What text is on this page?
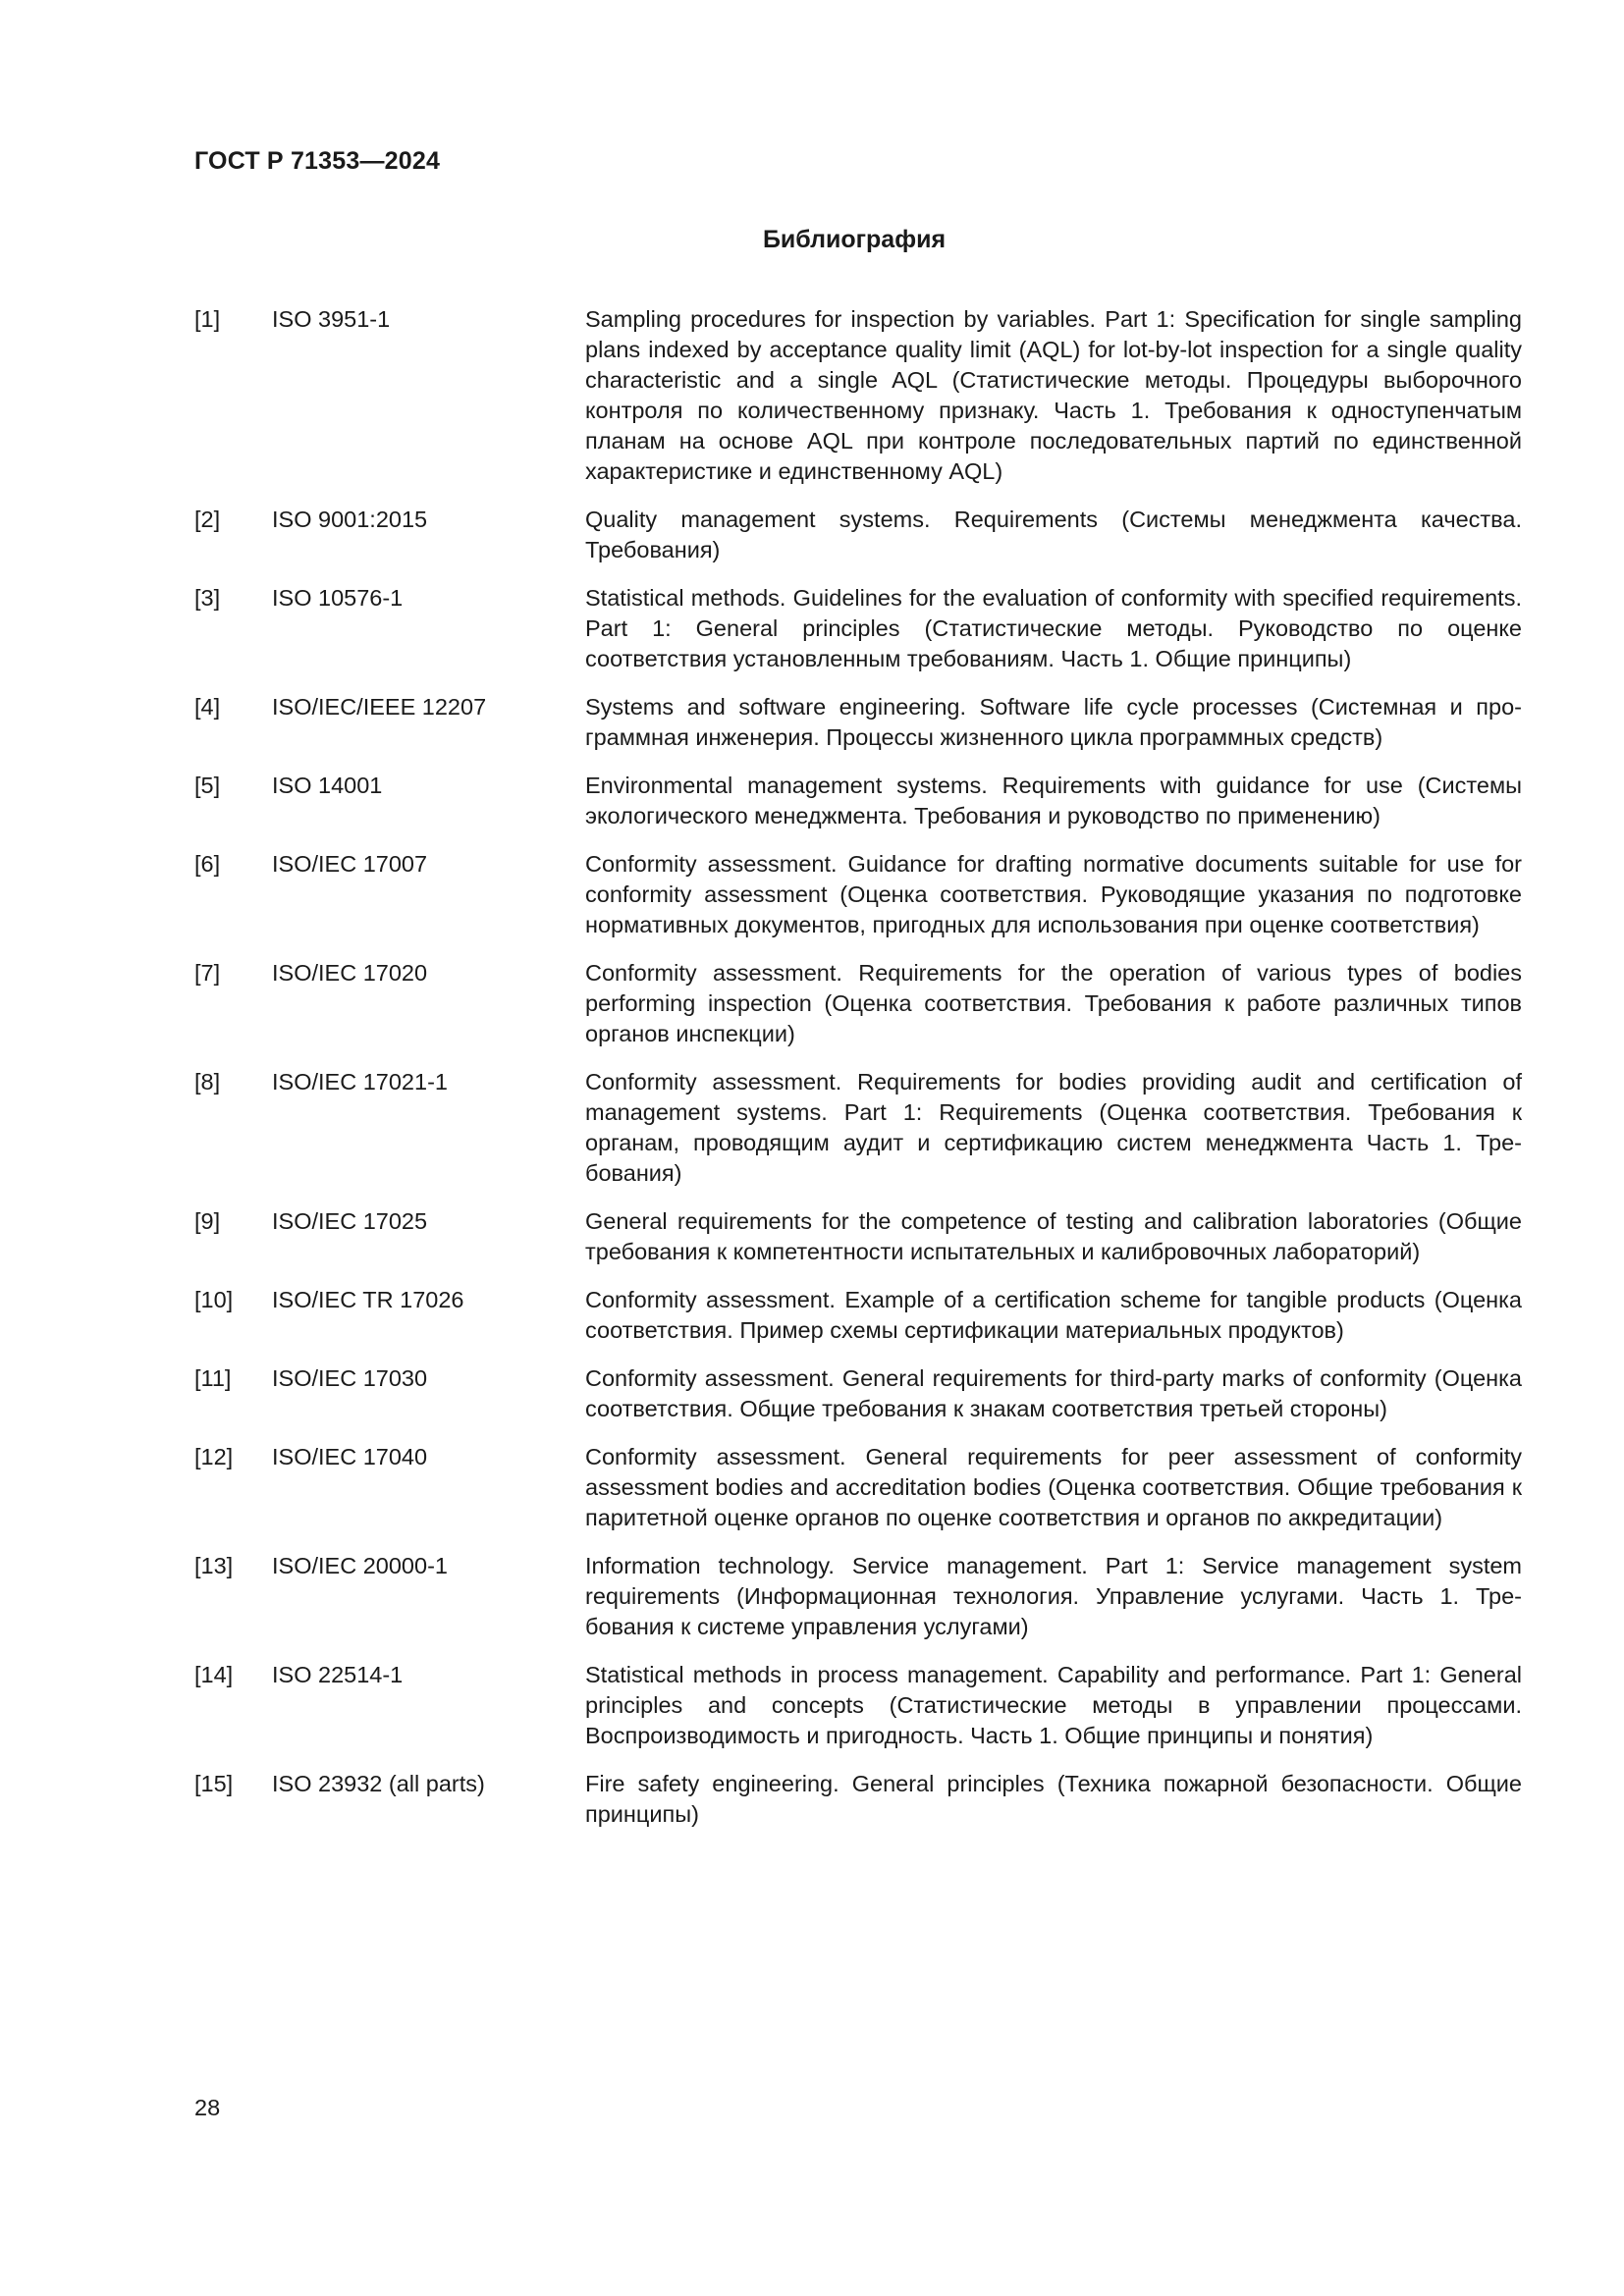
ГОСТ Р 71353—2024
Библиография
[1]	ISO 3951-1	Sampling procedures for inspection by variables. Part 1: Specification for single sampling plans indexed by acceptance quality limit (AQL) for lot-by-lot inspection for a single quality characteristic and a single AQL (Статистические методы. Процедуры выборочного контроля по количественному признаку. Часть 1. Требования к одноступенчатым планам на основе AQL при контроле последовательных партий по единственной характеристике и единственному AQL)
[2]	ISO 9001:2015	Quality management systems. Requirements (Системы менеджмента качества. Требования)
[3]	ISO 10576-1	Statistical methods. Guidelines for the evaluation of conformity with specified requirements. Part 1: General principles (Статистические методы. Руководство по оценке соответствия установленным требованиям. Часть 1. Общие принципы)
[4]	ISO/IEC/IEEE 12207	Systems and software engineering. Software life cycle processes (Системная и программная инженерия. Процессы жизненного цикла программных средств)
[5]	ISO 14001	Environmental management systems. Requirements with guidance for use (Системы экологического менеджмента. Требования и руководство по применению)
[6]	ISO/IEC 17007	Conformity assessment. Guidance for drafting normative documents suitable for use for conformity assessment (Оценка соответствия. Руководящие указания по подготовке нормативных документов, пригодных для использования при оценке соответствия)
[7]	ISO/IEC 17020	Conformity assessment. Requirements for the operation of various types of bodies performing inspection (Оценка соответствия. Требования к работе различных типов органов инспекции)
[8]	ISO/IEC 17021-1	Conformity assessment. Requirements for bodies providing audit and certification of management systems. Part 1: Requirements (Оценка соответствия. Требования к органам, проводящим аудит и сертификацию систем менеджмента Часть 1. Требования)
[9]	ISO/IEC 17025	General requirements for the competence of testing and calibration laboratories (Общие требования к компетентности испытательных и калибровочных лабораторий)
[10]	ISO/IEC TR 17026	Conformity assessment. Example of a certification scheme for tangible products (Оценка соответствия. Пример схемы сертификации материальных продуктов)
[11]	ISO/IEC 17030	Conformity assessment. General requirements for third-party marks of conformity (Оценка соответствия. Общие требования к знакам соответствия третьей стороны)
[12]	ISO/IEC 17040	Conformity assessment. General requirements for peer assessment of conformity assessment bodies and accreditation bodies (Оценка соответствия. Общие требования к паритетной оценке органов по оценке соответствия и органов по аккредитации)
[13]	ISO/IEC 20000-1	Information technology. Service management. Part 1: Service management system requirements (Информационная технология. Управление услугами. Часть 1. Требования к системе управления услугами)
[14]	ISO 22514-1	Statistical methods in process management. Capability and performance. Part 1: General principles and concepts (Статистические методы в управлении процессами. Воспроизводимость и пригодность. Часть 1. Общие принципы и понятия)
[15]	ISO 23932 (all parts)	Fire safety engineering. General principles (Техника пожарной безопасности. Общие принципы)
28
